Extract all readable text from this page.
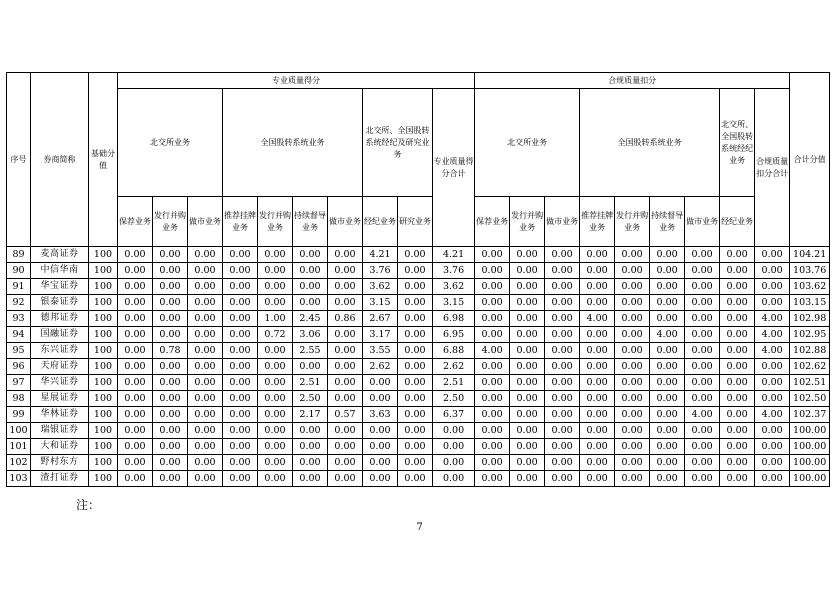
序号	券商简称	基础分值	专业质量得分										合规质量扣分									合计分值
			北交所业务			全国股转系统业务				北交所、全国股转系统经纪及研究业务		专业质量得分合计	北交所业务			全国股转系统业务				北交所、全国股转系统经纪业务	合规质量扣分合计	
			保荐业务	发行并购业务	做市业务	推荐挂牌业务	发行并购业务	持续督导业务	做市业务	经纪业务	研究业务		保荐业务	发行并购业务	做市业务	推荐挂牌业务	发行并购业务	持续督导业务	做市业务	经纪业务		
89	麦高证券	100	0.00	0.00	0.00	0.00	0.00	0.00	0.00	4.21	0.00	4.21	0.00	0.00	0.00	0.00	0.00	0.00	0.00	0.00	0.00	104.21
90	中信华南	100	0.00	0.00	0.00	0.00	0.00	0.00	0.00	3.76	0.00	3.76	0.00	0.00	0.00	0.00	0.00	0.00	0.00	0.00	0.00	103.76
91	华宝证券	100	0.00	0.00	0.00	0.00	0.00	0.00	0.00	3.62	0.00	3.62	0.00	0.00	0.00	0.00	0.00	0.00	0.00	0.00	0.00	103.62
92	银泰证券	100	0.00	0.00	0.00	0.00	0.00	0.00	0.00	3.15	0.00	3.15	0.00	0.00	0.00	0.00	0.00	0.00	0.00	0.00	0.00	103.15
93	德邦证券	100	0.00	0.00	0.00	0.00	1.00	2.45	0.86	2.67	0.00	6.98	0.00	0.00	0.00	4.00	0.00	0.00	0.00	0.00	4.00	102.98
94	国融证券	100	0.00	0.00	0.00	0.00	0.72	3.06	0.00	3.17	0.00	6.95	0.00	0.00	0.00	0.00	0.00	4.00	0.00	0.00	4.00	102.95
95	东兴证券	100	0.00	0.78	0.00	0.00	0.00	2.55	0.00	3.55	0.00	6.88	4.00	0.00	0.00	0.00	0.00	0.00	0.00	0.00	4.00	102.88
96	天府证券	100	0.00	0.00	0.00	0.00	0.00	0.00	0.00	2.62	0.00	2.62	0.00	0.00	0.00	0.00	0.00	0.00	0.00	0.00	0.00	102.62
97	华兴证券	100	0.00	0.00	0.00	0.00	0.00	2.51	0.00	0.00	0.00	2.51	0.00	0.00	0.00	0.00	0.00	0.00	0.00	0.00	0.00	102.51
98	星展证券	100	0.00	0.00	0.00	0.00	0.00	2.50	0.00	0.00	0.00	2.50	0.00	0.00	0.00	0.00	0.00	0.00	0.00	0.00	0.00	102.50
99	华林证券	100	0.00	0.00	0.00	0.00	0.00	2.17	0.57	3.63	0.00	6.37	0.00	0.00	0.00	0.00	0.00	0.00	4.00	0.00	4.00	102.37
100	瑞银证券	100	0.00	0.00	0.00	0.00	0.00	0.00	0.00	0.00	0.00	0.00	0.00	0.00	0.00	0.00	0.00	0.00	0.00	0.00	0.00	100.00
101	大和证券	100	0.00	0.00	0.00	0.00	0.00	0.00	0.00	0.00	0.00	0.00	0.00	0.00	0.00	0.00	0.00	0.00	0.00	0.00	0.00	100.00
102	野村东方	100	0.00	0.00	0.00	0.00	0.00	0.00	0.00	0.00	0.00	0.00	0.00	0.00	0.00	0.00	0.00	0.00	0.00	0.00	0.00	100.00
103	渣打证券	100	0.00	0.00	0.00	0.00	0.00	0.00	0.00	0.00	0.00	0.00	0.00	0.00	0.00	0.00	0.00	0.00	0.00	0.00	0.00	100.00
注：
7
